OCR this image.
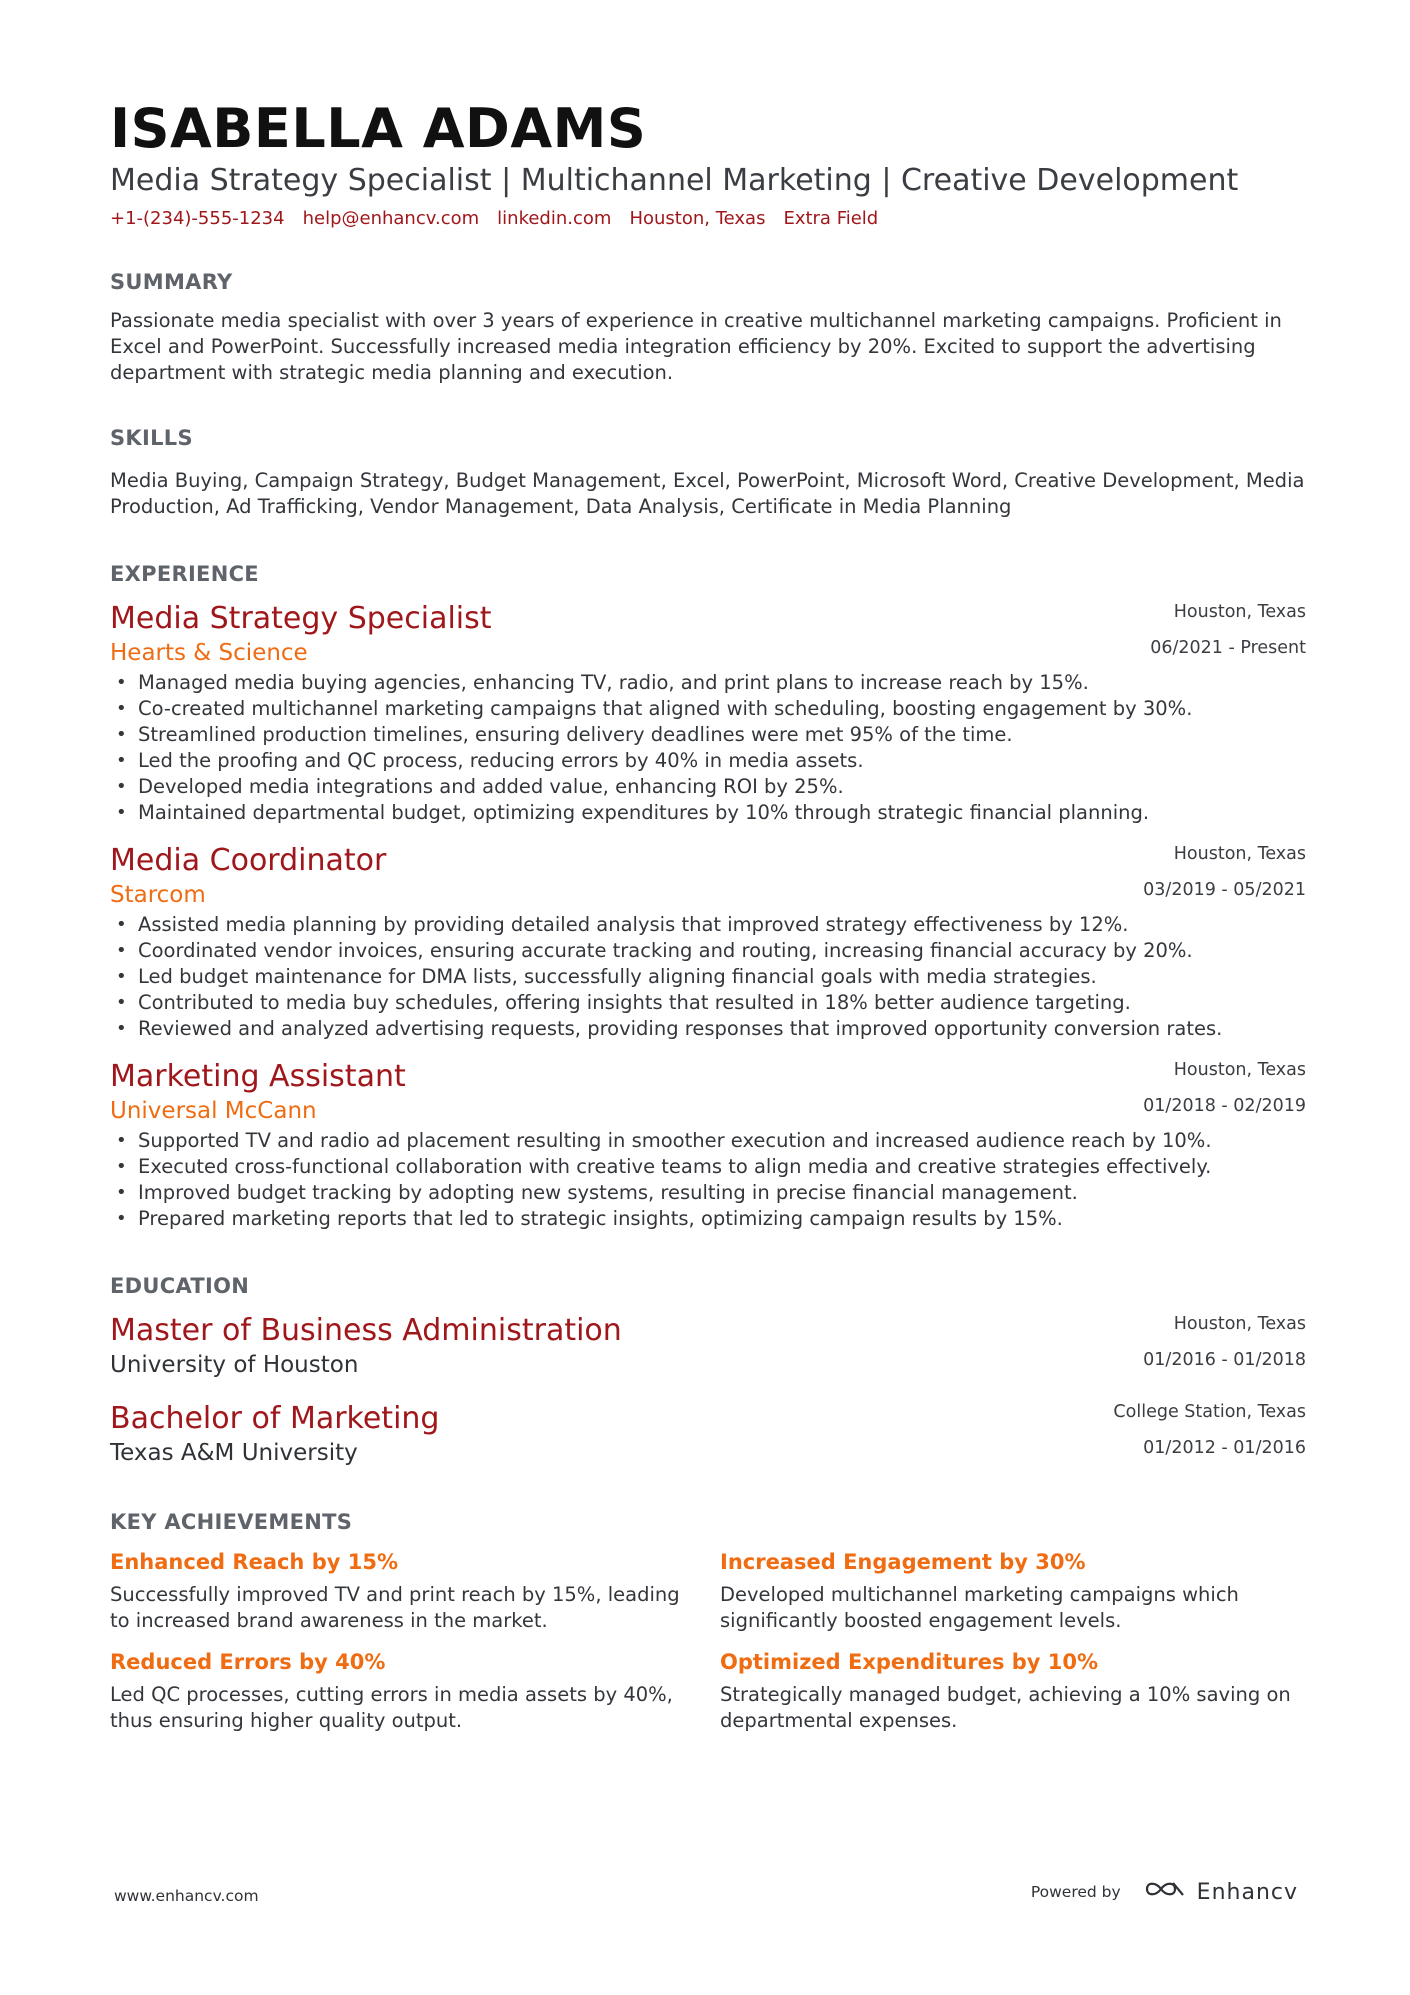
ISABELLA ADAMS
Media Strategy Specialist | Multichannel Marketing | Creative Development
+1-(234)-555-1234 help@enhancv.com linkedin.com Houston, Texas Extra Field
SUMMARY
Passionate media specialist with over 3 years of experience in creative multichannel marketing campaigns. Proficient in Excel and PowerPoint. Successfully increased media integration efficiency by 20%. Excited to support the advertising department with strategic media planning and execution.
SKILLS
Media Buying, Campaign Strategy, Budget Management, Excel, PowerPoint, Microsoft Word, Creative Development, Media Production, Ad Trafficking, Vendor Management, Data Analysis, Certificate in Media Planning
EXPERIENCE
Media Strategy Specialist
Hearts & Science
Houston, Texas
06/2021 - Present
• Managed media buying agencies, enhancing TV, radio, and print plans to increase reach by 15%.
• Co-created multichannel marketing campaigns that aligned with scheduling, boosting engagement by 30%.
• Streamlined production timelines, ensuring delivery deadlines were met 95% of the time.
• Led the proofing and QC process, reducing errors by 40% in media assets.
• Developed media integrations and added value, enhancing ROI by 25%.
• Maintained departmental budget, optimizing expenditures by 10% through strategic financial planning.
Media Coordinator
Starcom
Houston, Texas
03/2019 - 05/2021
• Assisted media planning by providing detailed analysis that improved strategy effectiveness by 12%.
• Coordinated vendor invoices, ensuring accurate tracking and routing, increasing financial accuracy by 20%.
• Led budget maintenance for DMA lists, successfully aligning financial goals with media strategies.
• Contributed to media buy schedules, offering insights that resulted in 18% better audience targeting.
• Reviewed and analyzed advertising requests, providing responses that improved opportunity conversion rates.
Marketing Assistant
Universal McCann
Houston, Texas
01/2018 - 02/2019
• Supported TV and radio ad placement resulting in smoother execution and increased audience reach by 10%.
• Executed cross-functional collaboration with creative teams to align media and creative strategies effectively.
• Improved budget tracking by adopting new systems, resulting in precise financial management.
• Prepared marketing reports that led to strategic insights, optimizing campaign results by 15%.
EDUCATION
Master of Business Administration
University of Houston
Houston, Texas
01/2016 - 01/2018
Bachelor of Marketing
Texas A&M University
College Station, Texas
01/2012 - 01/2016
KEY ACHIEVEMENTS
Enhanced Reach by 15%
Successfully improved TV and print reach by 15%, leading to increased brand awareness in the market.
Increased Engagement by 30%
Developed multichannel marketing campaigns which significantly boosted engagement levels.
Reduced Errors by 40%
Led QC processes, cutting errors in media assets by 40%, thus ensuring higher quality output.
Optimized Expenditures by 10%
Strategically managed budget, achieving a 10% saving on departmental expenses.
www.enhancv.com	Powered by	Enhancv
